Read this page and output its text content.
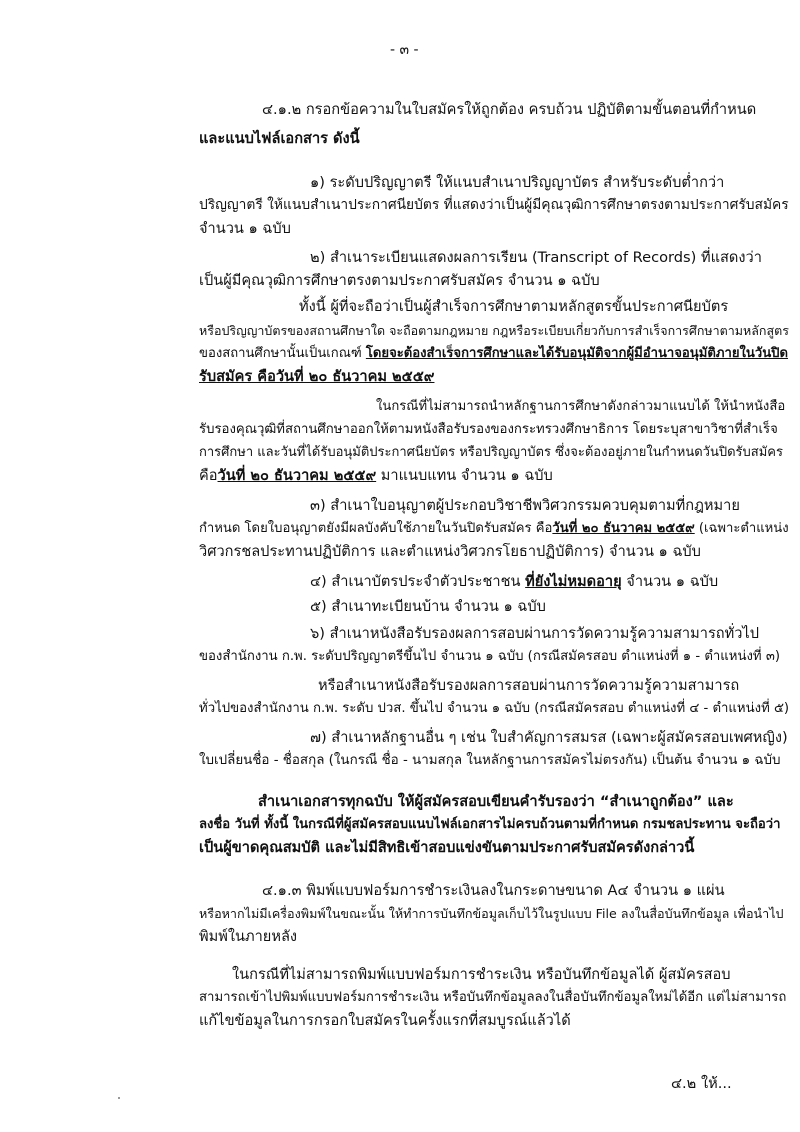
- ๓ -
๔.๑.๒ กรอกข้อความในใบสมัครให้ถูกต้อง ครบถ้วน ปฏิบัติตามขั้นตอนที่กำหนด
และแนบไฟล์เอกสาร ดังนี้
๑) ระดับปริญญาตรี ให้แนบสำเนาปริญญาบัตร สำหรับระดับต่ำกว่า
ปริญญาตรี ให้แนบสำเนาประกาศนียบัตร ที่แสดงว่าเป็นผู้มีคุณวุฒิการศึกษาตรงตามประกาศรับสมัคร
จำนวน ๑ ฉบับ
๒) สำเนาระเบียนแสดงผลการเรียน (Transcript of Records) ที่แสดงว่า
เป็นผู้มีคุณวุฒิการศึกษาตรงตามประกาศรับสมัคร จำนวน ๑ ฉบับ
ทั้งนี้ ผู้ที่จะถือว่าเป็นผู้สำเร็จการศึกษาตามหลักสูตรขั้นประกาศนียบัตร
หรือปริญญาบัตรของสถานศึกษาใด จะถือตามกฎหมาย กฎหรือระเบียบเกี่ยวกับการสำเร็จการศึกษาตามหลักสูตร
ของสถานศึกษานั้นเป็นเกณฑ์ โดยจะต้องสำเร็จการศึกษาและได้รับอนุมัติจากผู้มีอำนาจอนุมัติภายในวันปิด
รับสมัคร คือวันที่ ๒๐ ธันวาคม ๒๕๕๙
ในกรณีที่ไม่สามารถนำหลักฐานการศึกษาดังกล่าวมาแนบได้ ให้นำหนังสือ
รับรองคุณวุฒิที่สถานศึกษาออกให้ตามหนังสือรับรองของกระทรวงศึกษาธิการ โดยระบุสาขาวิชาที่สำเร็จ
การศึกษา และวันที่ได้รับอนุมัติประกาศนียบัตร หรือปริญญาบัตร ซึ่งจะต้องอยู่ภายในกำหนดวันปิดรับสมัคร
คือวันที่ ๒๐ ธันวาคม ๒๕๕๙ มาแนบแทน จำนวน ๑ ฉบับ
๓) สำเนาใบอนุญาตผู้ประกอบวิชาชีพวิศวกรรมควบคุมตามที่กฎหมาย
กำหนด โดยใบอนุญาตยังมีผลบังคับใช้ภายในวันปิดรับสมัคร คือวันที่ ๒๐ ธันวาคม ๒๕๕๙ (เฉพาะตำแหน่ง
วิศวกรชลประทานปฏิบัติการ และตำแหน่งวิศวกรโยธาปฏิบัติการ) จำนวน ๑ ฉบับ
๔) สำเนาบัตรประจำตัวประชาชน ที่ยังไม่หมดอายุ จำนวน ๑ ฉบับ
๕) สำเนาทะเบียนบ้าน จำนวน ๑ ฉบับ
๖) สำเนาหนังสือรับรองผลการสอบผ่านการวัดความรู้ความสามารถทั่วไป
ของสำนักงาน ก.พ. ระดับปริญญาตรีขึ้นไป จำนวน ๑ ฉบับ (กรณีสมัครสอบ ตำแหน่งที่ ๑ - ตำแหน่งที่ ๓)
หรือสำเนาหนังสือรับรองผลการสอบผ่านการวัดความรู้ความสามารถ
ทั่วไปของสำนักงาน ก.พ. ระดับ ปวส. ขึ้นไป จำนวน ๑ ฉบับ (กรณีสมัครสอบ ตำแหน่งที่ ๔ - ตำแหน่งที่ ๕)
๗) สำเนาหลักฐานอื่น ๆ เช่น ใบสำคัญการสมรส (เฉพาะผู้สมัครสอบเพศหญิง)
ใบเปลี่ยนชื่อ - ชื่อสกุล (ในกรณี ชื่อ - นามสกุล ในหลักฐานการสมัครไม่ตรงกัน) เป็นต้น จำนวน ๑ ฉบับ
สำเนาเอกสารทุกฉบับ ให้ผู้สมัครสอบเขียนคำรับรองว่า “สำเนาถูกต้อง” และ
ลงชื่อ วันที่ ทั้งนี้ ในกรณีที่ผู้สมัครสอบแนบไฟล์เอกสารไม่ครบถ้วนตามที่กำหนด กรมชลประทาน จะถือว่า
เป็นผู้ขาดคุณสมบัติ และไม่มีสิทธิเข้าสอบแข่งขันตามประกาศรับสมัครดังกล่าวนี้
๔.๑.๓ พิมพ์แบบฟอร์มการชำระเงินลงในกระดาษขนาด A๔ จำนวน ๑ แผ่น
หรือหากไม่มีเครื่องพิมพ์ในขณะนั้น ให้ทำการบันทึกข้อมูลเก็บไว้ในรูปแบบ File ลงในสื่อบันทึกข้อมูล เพื่อนำไป
พิมพ์ในภายหลัง
ในกรณีที่ไม่สามารถพิมพ์แบบฟอร์มการชำระเงิน หรือบันทึกข้อมูลได้ ผู้สมัครสอบ
สามารถเข้าไปพิมพ์แบบฟอร์มการชำระเงิน หรือบันทึกข้อมูลลงในสื่อบันทึกข้อมูลใหม่ได้อีก แต่ไม่สามารถ
แก้ไขข้อมูลในการกรอกใบสมัครในครั้งแรกที่สมบูรณ์แล้วได้
๔.๒ ให้...
